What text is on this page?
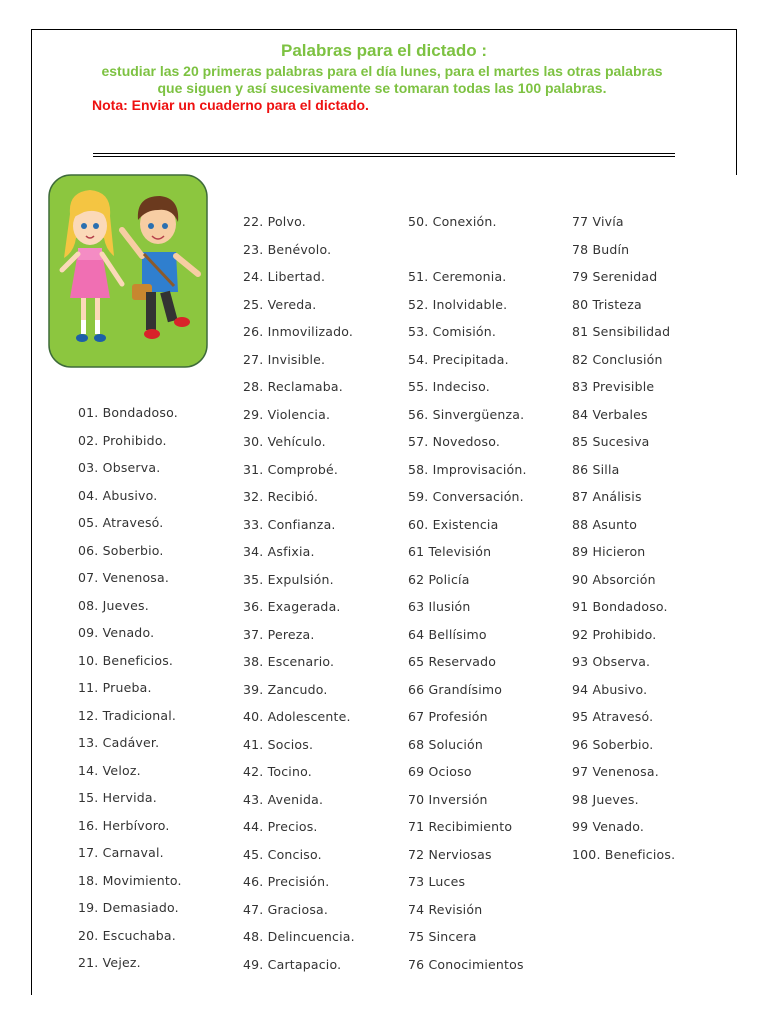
Palabras para el dictado :
estudiar las 20 primeras palabras para el día lunes, para el martes las otras palabras que siguen y así sucesivamente se tomaran todas las 100 palabras.
Nota: Enviar un cuaderno para el dictado.
01. Bondadoso.
02. Prohibido.
03. Observa.
04. Abusivo.
05. Atravesó.
06. Soberbio.
07. Venenosa.
08. Jueves.
09. Venado.
10. Beneficios.
11. Prueba.
12. Tradicional.
13. Cadáver.
14. Veloz.
15. Hervida.
16. Herbívoro.
17. Carnaval.
18. Movimiento.
19. Demasiado.
20. Escuchaba.
21. Vejez.
22. Polvo.
23. Benévolo.
24. Libertad.
25. Vereda.
26. Inmovilizado.
27. Invisible.
28. Reclamaba.
29. Violencia.
30. Vehículo.
31. Comprobé.
32. Recibió.
33. Confianza.
34. Asfixia.
35. Expulsión.
36. Exagerada.
37. Pereza.
38. Escenario.
39. Zancudo.
40. Adolescente.
41. Socios.
42. Tocino.
43. Avenida.
44. Precios.
45. Conciso.
46. Precisión.
47. Graciosa.
48. Delincuencia.
49. Cartapacio.
50. Conexión.
51. Ceremonia.
52. Inolvidable.
53. Comisión.
54. Precipitada.
55. Indeciso.
56. Sinvergüenza.
57. Novedoso.
58. Improvisación.
59. Conversación.
60. Existencia
61 Televisión
62 Policía
63 Ilusión
64 Bellísimo
65 Reservado
66 Grandísimo
67 Profesión
68 Solución
69 Ocioso
70 Inversión
71 Recibimiento
72 Nerviosas
73 Luces
74 Revisión
75 Sincera
76 Conocimientos
77 Vivía
78 Budín
79 Serenidad
80 Tristeza
81 Sensibilidad
82 Conclusión
83 Previsible
84 Verbales
85 Sucesiva
86 Silla
87 Análisis
88 Asunto
89 Hicieron
90 Absorción
91 Bondadoso.
92 Prohibido.
93 Observa.
94 Abusivo.
95 Atravesó.
96 Soberbio.
97 Venenosa.
98 Jueves.
99 Venado.
100. Beneficios.
